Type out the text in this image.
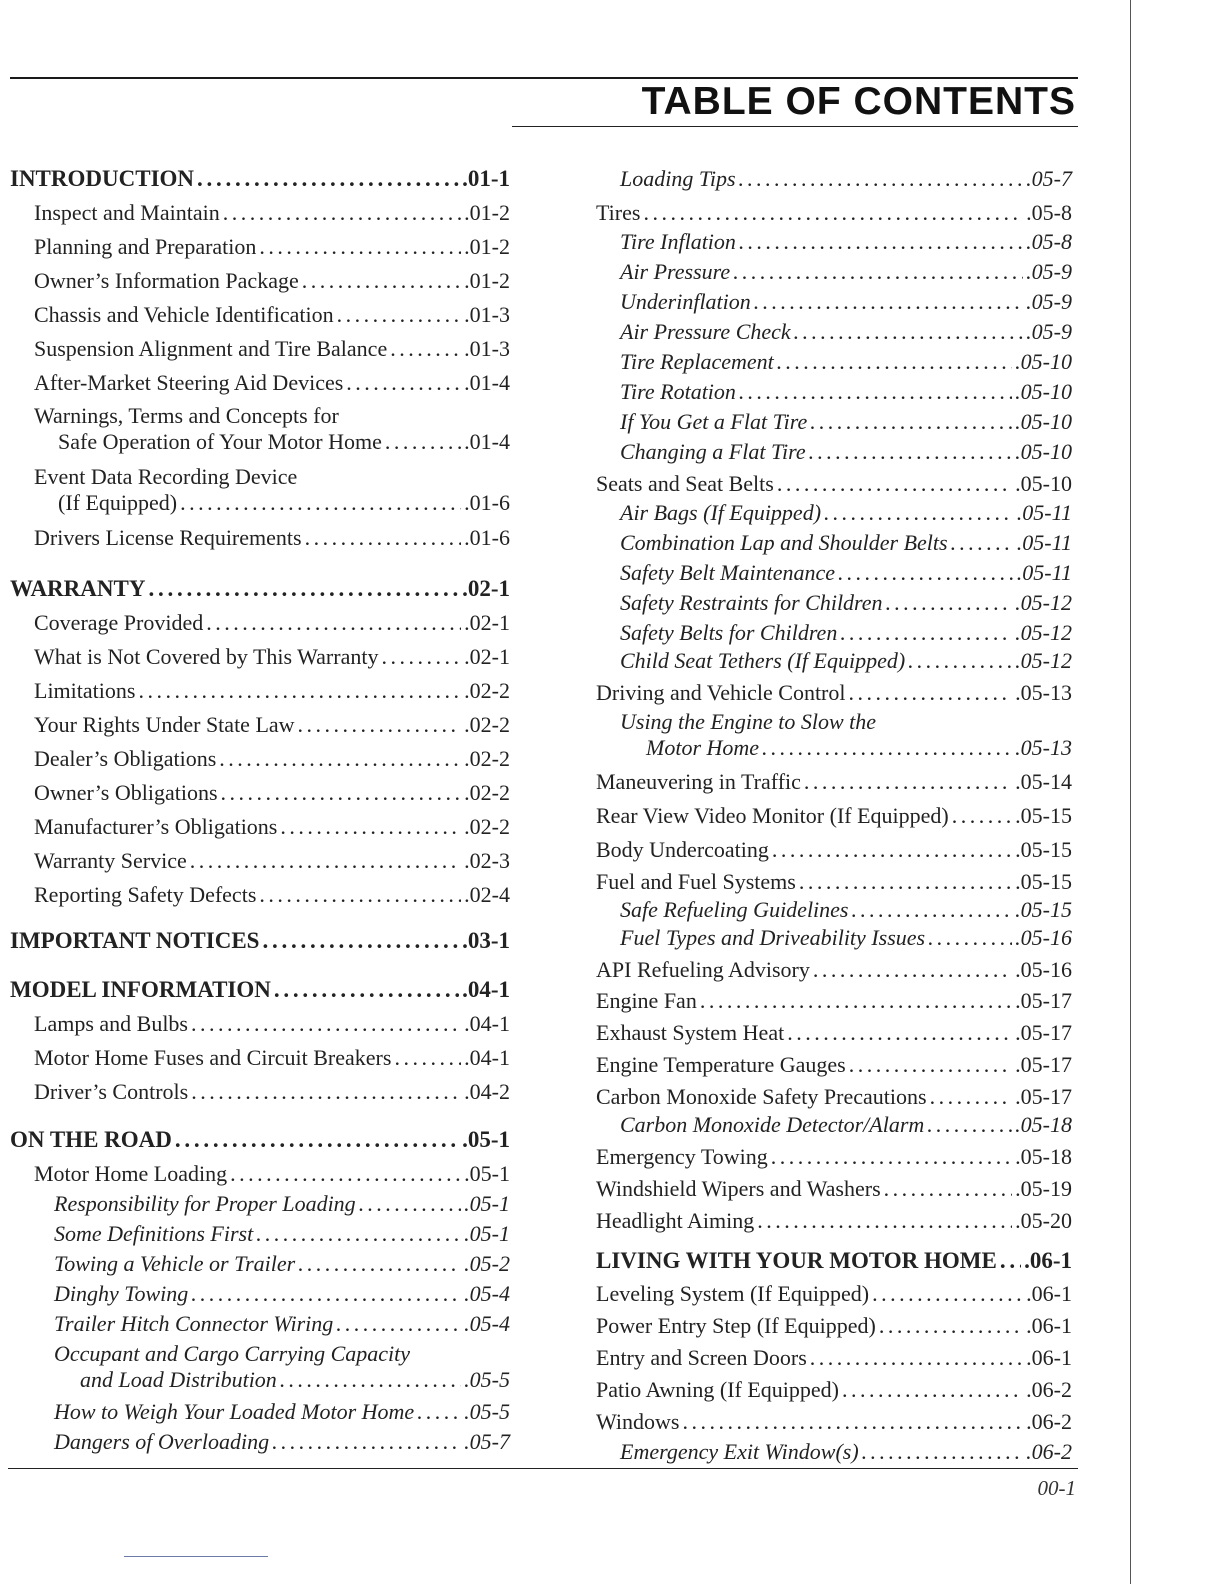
TABLE OF CONTENTS
INTRODUCTION . . .	.01-1
Inspect and Maintain . . .	.01-2
Planning and Preparation . . .	.01-2
Owner’s Information Package . . .	.01-2
Chassis and Vehicle Identification . . .	.01-3
Suspension Alignment and Tire Balance . . .	.01-3
After-Market Steering Aid Devices . . .	.01-4
Warnings, Terms and Concepts for
Safe Operation of Your Motor Home . . .	.01-4
Event Data Recording Device
(If Equipped) . . .	.01-6
Drivers License Requirements . . .	.01-6
WARRANTY . . .	.02-1
Coverage Provided . . .	.02-1
What is Not Covered by This Warranty . . .	.02-1
Limitations . . .	.02-2
Your Rights Under State Law . . .	.02-2
Dealer’s Obligations . . .	.02-2
Owner’s Obligations . . .	.02-2
Manufacturer’s Obligations . . .	.02-2
Warranty Service . . .	.02-3
Reporting Safety Defects . . .	.02-4
IMPORTANT NOTICES . . .	.03-1
MODEL INFORMATION . . .	.04-1
Lamps and Bulbs . . .	.04-1
Motor Home Fuses and Circuit Breakers . . .	.04-1
Driver’s Controls . . .	.04-2
ON THE ROAD . . .	.05-1
Motor Home Loading . . .	.05-1
Responsibility for Proper Loading . . .	.05-1
Some Definitions First . . .	.05-1
Towing a Vehicle or Trailer . . .	.05-2
Dinghy Towing . . .	.05-4
Trailer Hitch Connector Wiring . . .	.05-4
Occupant and Cargo Carrying Capacity
and Load Distribution . . .	.05-5
How to Weigh Your Loaded Motor Home . . . .05-5
Dangers of Overloading . . .	.05-7
Loading Tips . . .	.05-7
Tires . . .	.05-8
Tire Inflation . . .	.05-8
Air Pressure . . .	.05-9
Underinflation . . .	.05-9
Air Pressure Check . . .	.05-9
Tire Replacement . . .	.05-10
Tire Rotation . . .	.05-10
If You Get a Flat Tire . . .	.05-10
Changing a Flat Tire . . .	.05-10
Seats and Seat Belts . . .	.05-10
Air Bags (If Equipped) . . .	.05-11
Combination Lap and Shoulder Belts . . .	.05-11
Safety Belt Maintenance . . .	.05-11
Safety Restraints for Children . . .	.05-12
Safety Belts for Children . . .	.05-12
Child Seat Tethers (If Equipped) . . .	.05-12
Driving and Vehicle Control . . .	.05-13
Using the Engine to Slow the
Motor Home . . .	.05-13
Maneuvering in Traffic . . .	.05-14
Rear View Video Monitor (If Equipped) . . .	.05-15
Body Undercoating . . .	.05-15
Fuel and Fuel Systems . . .	.05-15
Safe Refueling Guidelines . . .	.05-15
Fuel Types and Driveability Issues . . .	.05-16
API Refueling Advisory . . .	.05-16
Engine Fan . . .	.05-17
Exhaust System Heat . . .	.05-17
Engine Temperature Gauges . . .	.05-17
Carbon Monoxide Safety Precautions . . .	.05-17
Carbon Monoxide Detector/Alarm . . .	.05-18
Emergency Towing . . .	.05-18
Windshield Wipers and Washers . . .	.05-19
Headlight Aiming . . .	.05-20
LIVING WITH YOUR MOTOR HOME . . . .06-1
Leveling System (If Equipped) . . .	.06-1
Power Entry Step (If Equipped) . . .	.06-1
Entry and Screen Doors . . .	.06-1
Patio Awning (If Equipped) . . .	.06-2
Windows . . .	.06-2
Emergency Exit Window(s) . . .	.06-2
00-1
